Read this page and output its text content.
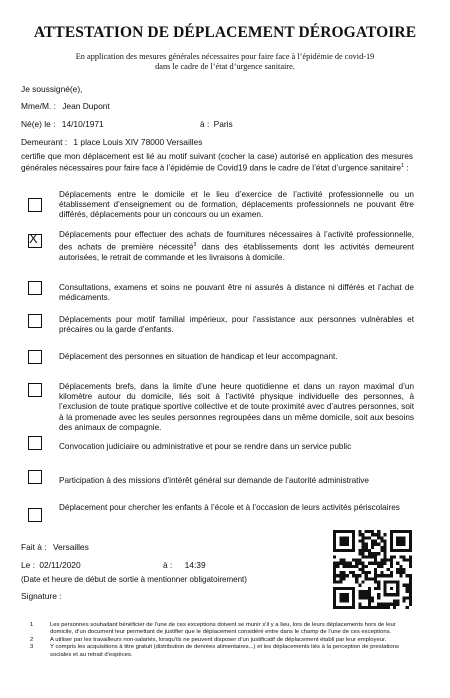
ATTESTATION DE DÉPLACEMENT DÉROGATOIRE
En application des mesures générales nécessaires pour faire face à l’épidémie de covid-19
dans le cadre de l’état d’urgence sanitaire.
Je soussigné(e),
Mme/M. : Jean Dupont
Né(e) le : 14/10/1971	à : Paris
Demeurant : 1 place Louis XIV 78000 Versailles
certifie que mon déplacement est lié au motif suivant (cocher la case) autorisé en application des mesures générales nécessaires pour faire face à l’épidémie de Covid19 dans le cadre de l’état d’urgence sanitaire$^1$ :
Déplacements entre le domicile et le lieu d’exercice de l’activité professionnelle ou un établissement d’enseignement ou de formation, déplacements professionnels ne pouvant être différés, déplacements pour un concours ou un examen.
X	Déplacements pour effectuer des achats de fournitures nécessaires à l’activité professionnelle, des achats de première nécessité$^3$ dans des établissements dont les activités demeurent autorisées, le retrait de commande et les livraisons à domicile.
Consultations, examens et soins ne pouvant être ni assurés à distance ni différés et l’achat de médicaments.
Déplacements pour motif familial impérieux, pour l’assistance aux personnes vulnérables et précaires ou la garde d’enfants.
Déplacement des personnes en situation de handicap et leur accompagnant.
Déplacements brefs, dans la limite d’une heure quotidienne et dans un rayon maximal d’un kilomètre autour du domicile, liés soit à l’activité physique individuelle des personnes, à l’exclusion de toute pratique sportive collective et de toute proximité avec d’autres personnes, soit à la promenade avec les seules personnes regroupées dans un même domicile, soit aux besoins des animaux de compagnie.
Convocation judiciaire ou administrative et pour se rendre dans un service public
Participation à des missions d’intérêt général sur demande de l’autorité administrative
Déplacement pour chercher les enfants à l’école et à l’occasion de leurs activités périscolaires
Fait à : Versailles
Le : 02/11/2020	à : 14:39
(Date et heure de début de sortie à mentionner obligatoirement)
Signature :
1	Les personnes souhaitant bénéficier de l’une de ces exceptions doivent se munir s’il y a lieu, lors de leurs déplacements hors de leur domicile, d’un document leur permettant de justifier que le déplacement considéré entre dans le champ de l’une de ces exceptions.
2	A utiliser par les travailleurs non-salariés, lorsqu’ils ne peuvent disposer d’un justificatif de déplacement établi par leur employeur.
3	Y compris les acquisitions à titre gratuit (distribution de denrées alimentaires...) et les déplacements liés à la perception de prestations sociales et au retrait d’espèces.
